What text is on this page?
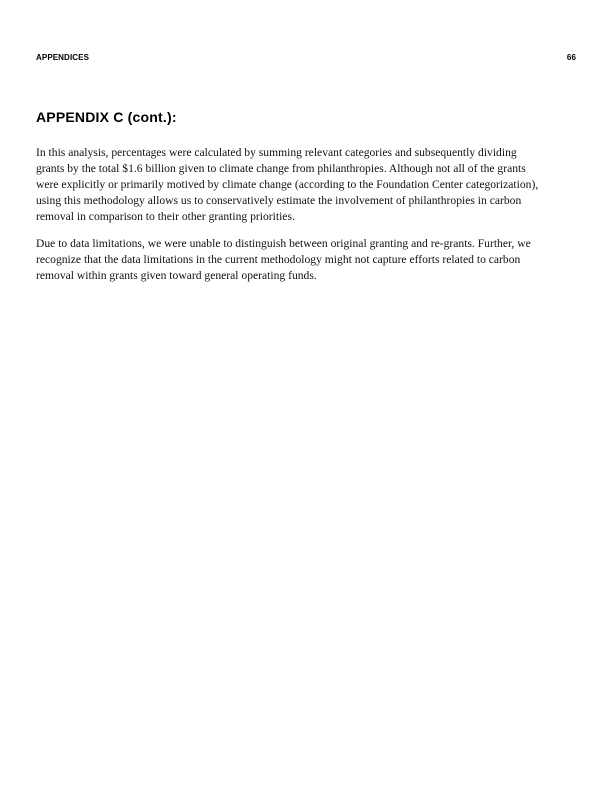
APPENDICES	66
APPENDIX C (cont.):
In this analysis, percentages were calculated by summing relevant categories and subsequently dividing
grants by the total $1.6 billion given to climate change from philanthropies. Although not all of the grants
were explicitly or primarily motived by climate change (according to the Foundation Center categorization),
using this methodology allows us to conservatively estimate the involvement of philanthropies in carbon
removal in comparison to their other granting priorities.
Due to data limitations, we were unable to distinguish between original granting and re-grants. Further, we
recognize that the data limitations in the current methodology might not capture efforts related to carbon
removal within grants given toward general operating funds.
